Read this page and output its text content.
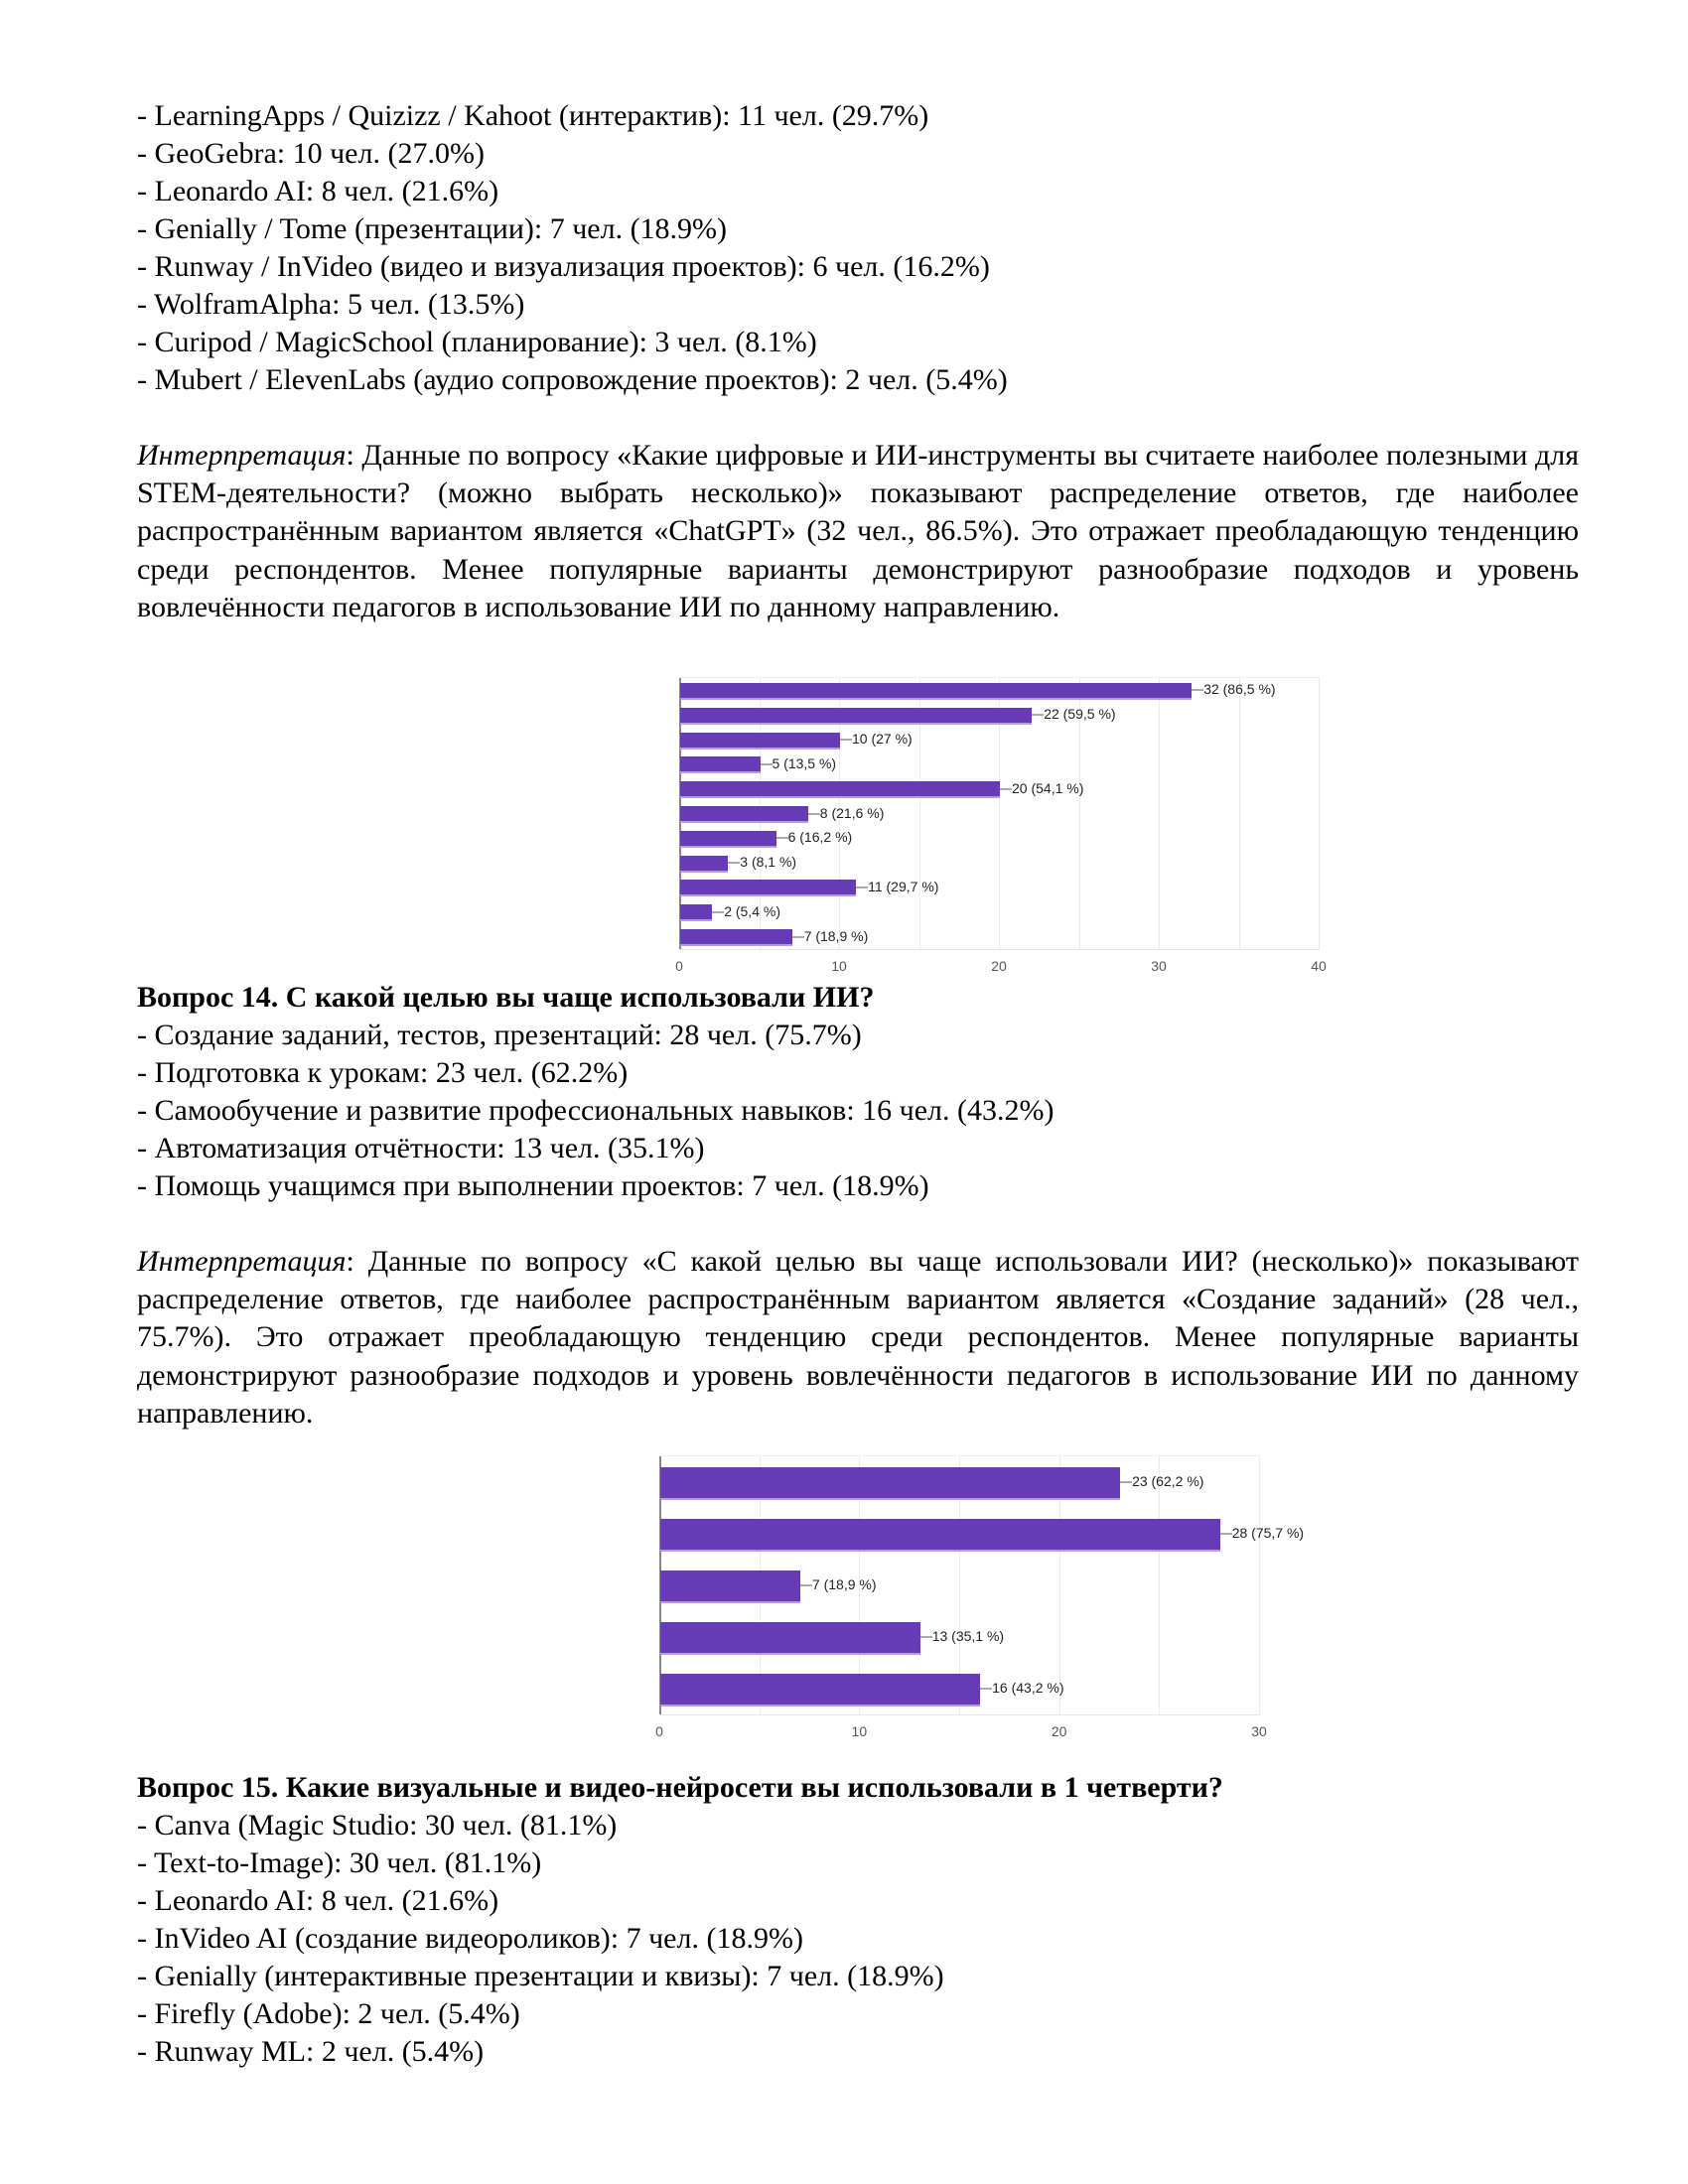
- LearningApps / Quizizz / Kahoot (интерактив): 11 чел. (29.7%)
- GeoGebra: 10 чел. (27.0%)
- Leonardo AI: 8 чел. (21.6%)
- Genially / Tome (презентации): 7 чел. (18.9%)
- Runway / InVideo (видео и визуализация проектов): 6 чел. (16.2%)
- WolframAlpha: 5 чел. (13.5%)
- Curipod / MagicSchool (планирование): 3 чел. (8.1%)
- Mubert / ElevenLabs (аудио сопровождение проектов): 2 чел. (5.4%)
Интерпретация: Данные по вопросу «Какие цифровые и ИИ-инструменты вы считаете наиболее полезными для STEM-деятельности? (можно выбрать несколько)» показывают распределение ответов, где наиболее распространённым вариантом является «ChatGPT» (32 чел., 86.5%). Это отражает преобладающую тенденцию среди респондентов. Менее популярные варианты демонстрируют разнообразие подходов и уровень вовлечённости педагогов в использование ИИ по данному направлению.
32 (86,5 %)
22 (59,5 %)
10 (27 %)
5 (13,5 %)
20 (54,1 %)
8 (21,6 %)
6 (16,2 %)
3 (8,1 %)
11 (29,7 %)
2 (5,4 %)
7 (18,9 %)
0	10	20	30	40
Вопрос 14. С какой целью вы чаще использовали ИИ?
- Создание заданий, тестов, презентаций: 28 чел. (75.7%)
- Подготовка к урокам: 23 чел. (62.2%)
- Самообучение и развитие профессиональных навыков: 16 чел. (43.2%)
- Автоматизация отчётности: 13 чел. (35.1%)
- Помощь учащимся при выполнении проектов: 7 чел. (18.9%)
Интерпретация: Данные по вопросу «С какой целью вы чаще использовали ИИ? (несколько)» показывают распределение ответов, где наиболее распространённым вариантом является «Создание заданий» (28 чел., 75.7%). Это отражает преобладающую тенденцию среди респондентов. Менее популярные варианты демонстрируют разнообразие подходов и уровень вовлечённости педагогов в использование ИИ по данному направлению.
23 (62,2 %)
28 (75,7 %)
7 (18,9 %)
13 (35,1 %)
16 (43,2 %)
0	10	20	30
Вопрос 15. Какие визуальные и видео-нейросети вы использовали в 1 четверти?
- Canva (Magic Studio: 30 чел. (81.1%)
- Text-to-Image): 30 чел. (81.1%)
- Leonardo AI: 8 чел. (21.6%)
- InVideo AI (создание видеороликов): 7 чел. (18.9%)
- Genially (интерактивные презентации и квизы): 7 чел. (18.9%)
- Firefly (Adobe): 2 чел. (5.4%)
- Runway ML: 2 чел. (5.4%)
